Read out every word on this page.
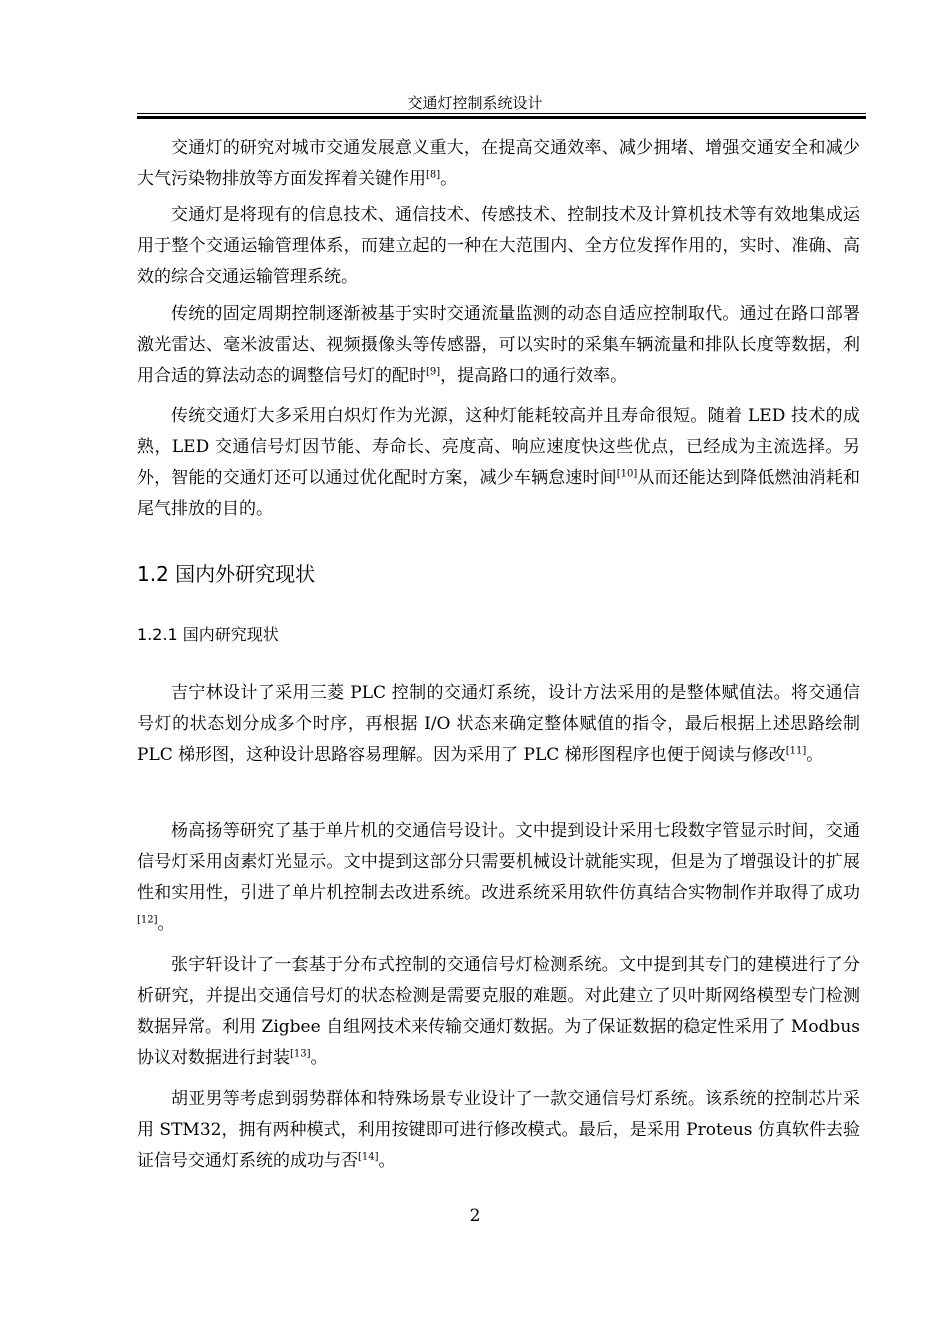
交通灯控制系统设计

交通灯的研究对城市交通发展意义重大，在提高交通效率、减少拥堵、增强交通安全和减少大气污染物排放等方面发挥着关键作用[8]。

交通灯是将现有的信息技术、通信技术、传感技术、控制技术及计算机技术等有效地集成运用于整个交通运输管理体系，而建立起的一种在大范围内、全方位发挥作用的，实时、准确、高效的综合交通运输管理系统。

传统的固定周期控制逐渐被基于实时交通流量监测的动态自适应控制取代。通过在路口部署激光雷达、毫米波雷达、视频摄像头等传感器，可以实时的采集车辆流量和排队长度等数据，利用合适的算法动态的调整信号灯的配时[9]，提高路口的通行效率。

传统交通灯大多采用白炽灯作为光源，这种灯能耗较高并且寿命很短。随着 LED 技术的成熟，LED 交通信号灯因节能、寿命长、亮度高、响应速度快这些优点，已经成为主流选择。另外，智能的交通灯还可以通过优化配时方案，减少车辆怠速时间[10]从而还能达到降低燃油消耗和尾气排放的目的。

1.2 国内外研究现状
1.2.1 国内研究现状

吉宁林设计了采用三菱 PLC 控制的交通灯系统，设计方法采用的是整体赋值法。将交通信号灯的状态划分成多个时序，再根据 I/O 状态来确定整体赋值的指令，最后根据上述思路绘制 PLC 梯形图，这种设计思路容易理解。因为采用了 PLC 梯形图程序也便于阅读与修改[11]。

杨高扬等研究了基于单片机的交通信号设计。文中提到设计采用七段数字管显示时间，交通信号灯采用卤素灯光显示。文中提到这部分只需要机械设计就能实现，但是为了增强设计的扩展性和实用性，引进了单片机控制去改进系统。改进系统采用软件仿真结合实物制作并取得了成功[12]。

张宇轩设计了一套基于分布式控制的交通信号灯检测系统。文中提到其专门的建模进行了分析研究，并提出交通信号灯的状态检测是需要克服的难题。对此建立了贝叶斯网络模型专门检测数据异常。利用 Zigbee 自组网技术来传输交通灯数据。为了保证数据的稳定性采用了 Modbus 协议对数据进行封装[13]。

胡亚男等考虑到弱势群体和特殊场景专业设计了一款交通信号灯系统。该系统的控制芯片采用 STM32，拥有两种模式，利用按键即可进行修改模式。最后，是采用 Proteus 仿真软件去验证信号交通灯系统的成功与否[14]。

2
